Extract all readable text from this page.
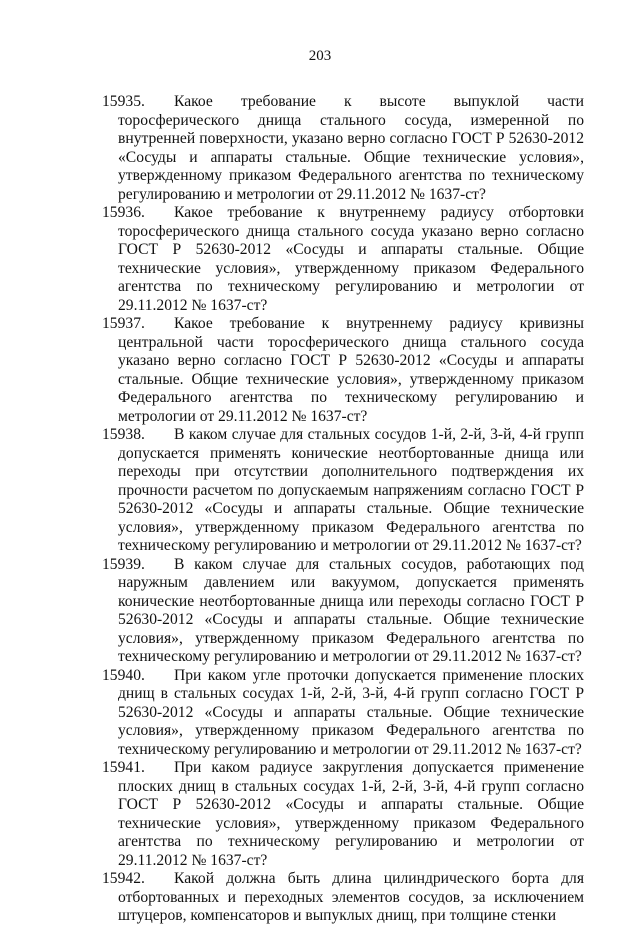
203
15935.	Какое требование к высоте выпуклой части торосферического днища стального сосуда, измеренной по внутренней поверхности, указано верно согласно ГОСТ Р 52630-2012 «Сосуды и аппараты стальные. Общие технические условия», утвержденному приказом Федерального агентства по техническому регулированию и метрологии от 29.11.2012 № 1637-ст?

15936.	Какое требование к внутреннему радиусу отбортовки торосферического днища стального сосуда указано верно согласно ГОСТ Р 52630-2012 «Сосуды и аппараты стальные. Общие технические условия», утвержденному приказом Федерального агентства по техническому регулированию и метрологии от 29.11.2012 № 1637-ст?

15937.	Какое требование к внутреннему радиусу кривизны центральной части торосферического днища стального сосуда указано верно согласно ГОСТ Р 52630-2012 «Сосуды и аппараты стальные. Общие технические условия», утвержденному приказом Федерального агентства по техническому регулированию и метрологии от 29.11.2012 № 1637-ст?

15938.	В каком случае для стальных сосудов 1-й, 2-й, 3-й, 4-й групп допускается применять конические неотбортованные днища или переходы при отсутствии дополнительного подтверждения их прочности расчетом по допускаемым напряжениям согласно ГОСТ Р 52630-2012 «Сосуды и аппараты стальные. Общие технические условия», утвержденному приказом Федерального агентства по техническому регулированию и метрологии от 29.11.2012 № 1637-ст?

15939.	В каком случае для стальных сосудов, работающих под наружным давлением или вакуумом, допускается применять конические неотбортованные днища или переходы согласно ГОСТ Р 52630-2012 «Сосуды и аппараты стальные. Общие технические условия», утвержденному приказом Федерального агентства по техническому регулированию и метрологии от 29.11.2012 № 1637-ст?

15940.	При каком угле проточки допускается применение плоских днищ в стальных сосудах 1-й, 2-й, 3-й, 4-й групп согласно ГОСТ Р 52630-2012 «Сосуды и аппараты стальные. Общие технические условия», утвержденному приказом Федерального агентства по техническому регулированию и метрологии от 29.11.2012 № 1637-ст?

15941.	При каком радиусе закругления допускается применение плоских днищ в стальных сосудах 1-й, 2-й, 3-й, 4-й групп согласно ГОСТ Р 52630-2012 «Сосуды и аппараты стальные. Общие технические условия», утвержденному приказом Федерального агентства по техническому регулированию и метрологии от 29.11.2012 № 1637-ст?

15942.	Какой должна быть длина цилиндрического борта для отбортованных и переходных элементов сосудов, за исключением штуцеров, компенсаторов и выпуклых днищ, при толщине стенки
